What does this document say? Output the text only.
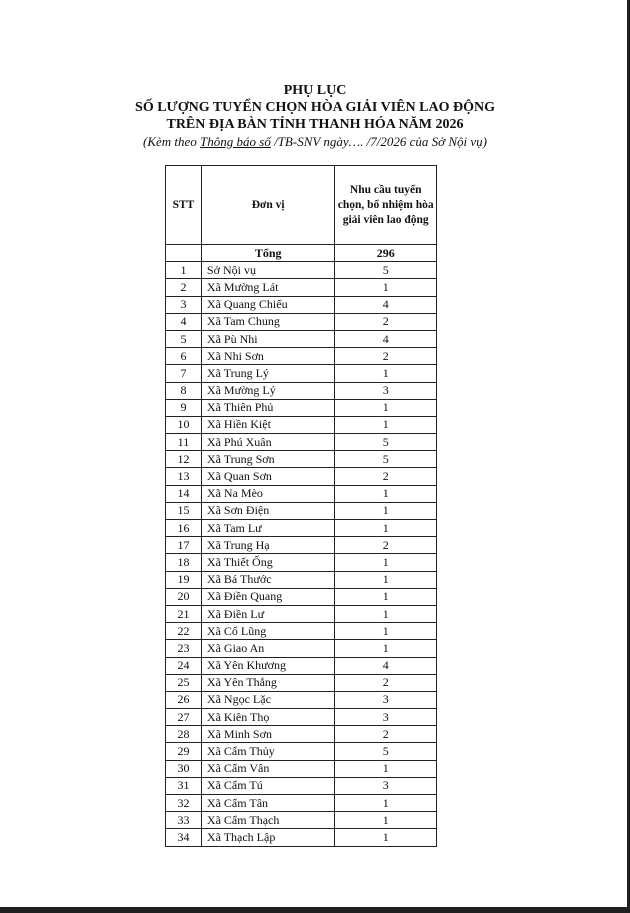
PHỤ LỤC
SỐ LƯỢNG TUYỂN CHỌN HÒA GIẢI VIÊN LAO ĐỘNG
TRÊN ĐỊA BÀN TỈNH THANH HÓA NĂM 2026
(Kèm theo Thông báo số /TB-SNV ngày…. /7/2026 của Sở Nội vụ)
STT	Đơn vị	Nhu cầu tuyển chọn, bổ nhiệm hòa giải viên lao động
	Tổng	296
1	Sở Nội vụ	5
2	Xã Mường Lát	1
3	Xã Quang Chiểu	4
4	Xã Tam Chung	2
5	Xã Pù Nhi	4
6	Xã Nhi Sơn	2
7	Xã Trung Lý	1
8	Xã Mường Lý	3
9	Xã Thiên Phủ	1
10	Xã Hiền Kiệt	1
11	Xã Phú Xuân	5
12	Xã Trung Sơn	5
13	Xã Quan Sơn	2
14	Xã Na Mèo	1
15	Xã Sơn Điện	1
16	Xã Tam Lư	1
17	Xã Trung Hạ	2
18	Xã Thiết Ống	1
19	Xã Bá Thước	1
20	Xã Điền Quang	1
21	Xã Điền Lư	1
22	Xã Cổ Lũng	1
23	Xã Giao An	1
24	Xã Yên Khương	4
25	Xã Yên Thắng	2
26	Xã Ngọc Lặc	3
27	Xã Kiên Thọ	3
28	Xã Minh Sơn	2
29	Xã Cẩm Thủy	5
30	Xã Cẩm Vân	1
31	Xã Cẩm Tú	3
32	Xã Cẩm Tân	1
33	Xã Cẩm Thạch	1
34	Xã Thạch Lập	1
